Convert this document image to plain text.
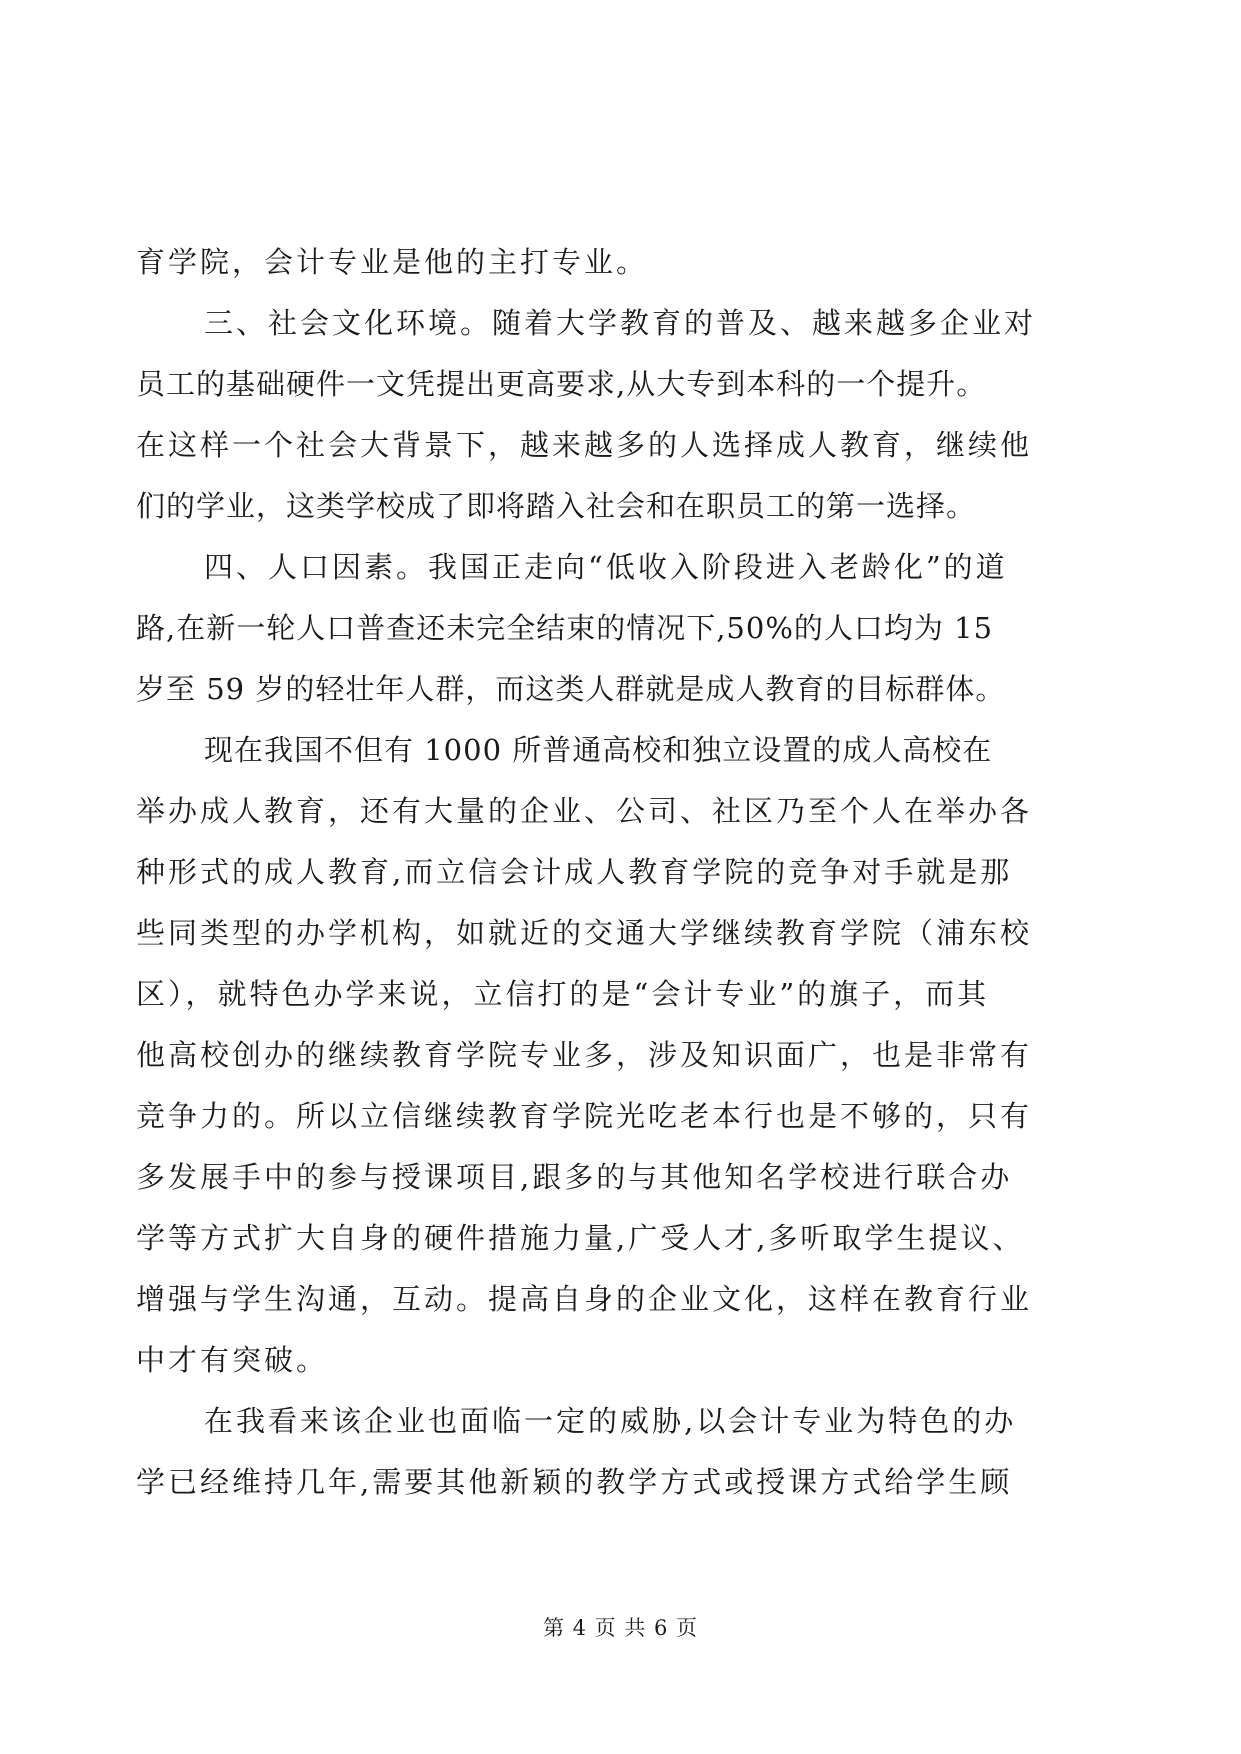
育学院，会计专业是他的主打专业。
三、社会文化环境。随着大学教育的普及、越来越多企业对
员工的基础硬件一文凭提出更高要求,从大专到本科的一个提升。
在这样一个社会大背景下，越来越多的人选择成人教育，继续他
们的学业，这类学校成了即将踏入社会和在职员工的第一选择。
四、人口因素。我国正走向“低收入阶段进入老龄化”的道
路,在新一轮人口普查还未完全结束的情况下,50%的人口均为 15
岁至 59 岁的轻壮年人群，而这类人群就是成人教育的目标群体。
现在我国不但有 1000 所普通高校和独立设置的成人高校在
举办成人教育，还有大量的企业、公司、社区乃至个人在举办各
种形式的成人教育,而立信会计成人教育学院的竞争对手就是那
些同类型的办学机构，如就近的交通大学继续教育学院（浦东校
区），就特色办学来说，立信打的是“会计专业”的旗子，而其
他高校创办的继续教育学院专业多，涉及知识面广，也是非常有
竞争力的。所以立信继续教育学院光吃老本行也是不够的，只有
多发展手中的参与授课项目,跟多的与其他知名学校进行联合办
学等方式扩大自身的硬件措施力量,广受人才,多听取学生提议、
增强与学生沟通，互动。提高自身的企业文化，这样在教育行业
中才有突破。
在我看来该企业也面临一定的威胁,以会计专业为特色的办
学已经维持几年,需要其他新颖的教学方式或授课方式给学生顾
第 4 页 共 6 页
